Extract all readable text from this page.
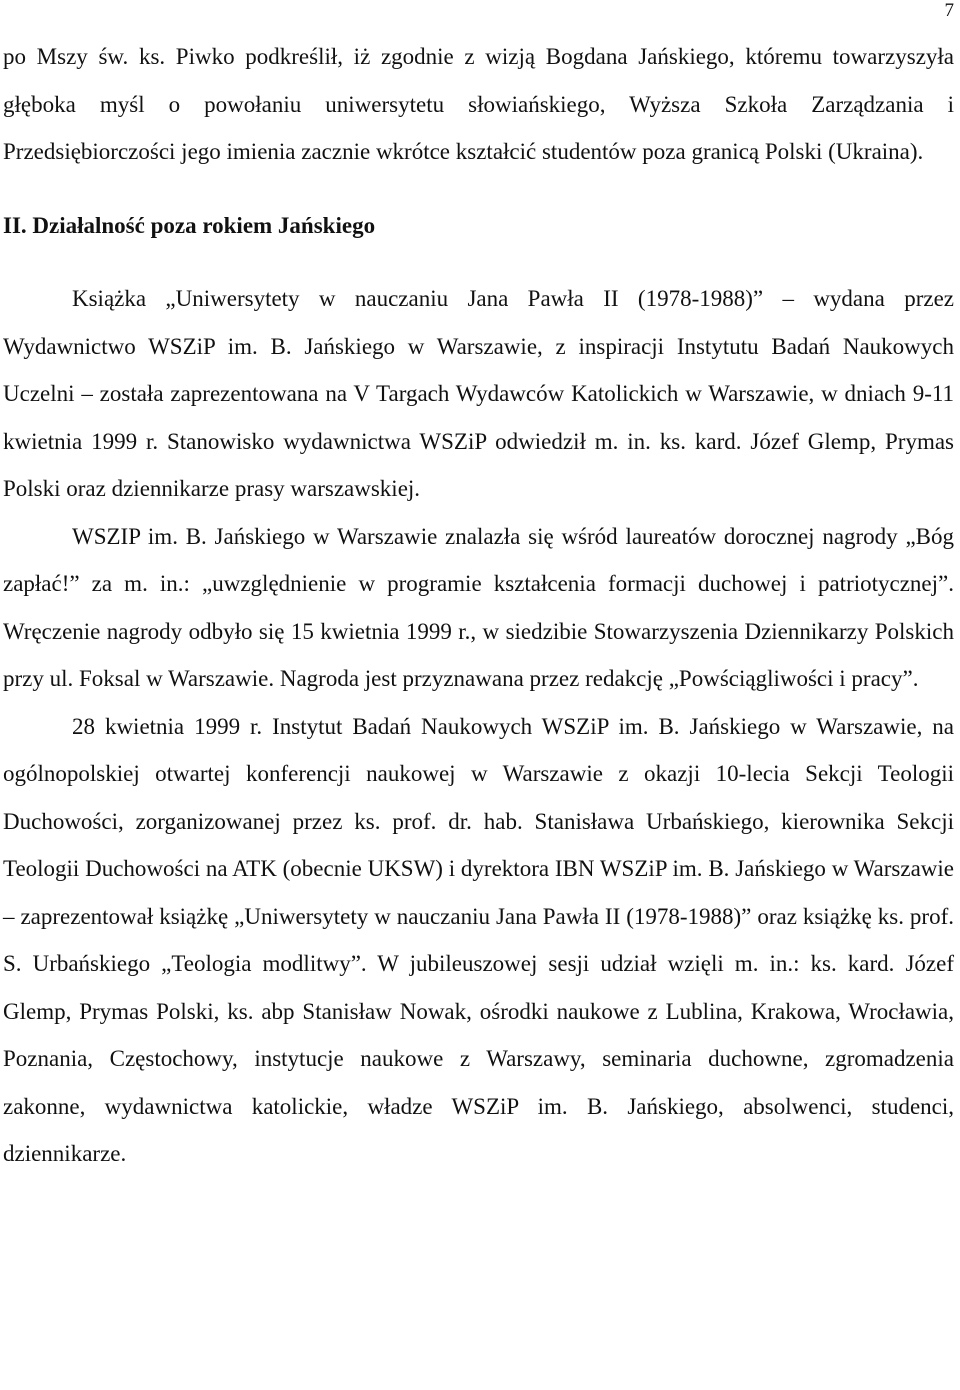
7

po Mszy św. ks. Piwko podkreślił, iż zgodnie z wizją Bogdana Jańskiego, któremu towarzyszyła głęboka myśl o powołaniu uniwersytetu słowiańskiego, Wyższa Szkoła Zarządzania i Przedsiębiorczości jego imienia zacznie wkrótce kształcić studentów poza granicą Polski (Ukraina).

II. Działalność poza rokiem Jańskiego

Książka „Uniwersytety w nauczaniu Jana Pawła II (1978-1988)” – wydana przez Wydawnictwo WSZiP im. B. Jańskiego w Warszawie, z inspiracji Instytutu Badań Naukowych Uczelni – została zaprezentowana na V Targach Wydawców Katolickich w Warszawie, w dniach 9-11 kwietnia 1999 r. Stanowisko wydawnictwa WSZiP odwiedził m. in. ks. kard. Józef Glemp, Prymas Polski oraz dziennikarze prasy warszawskiej.

WSZIP im. B. Jańskiego w Warszawie znalazła się wśród laureatów dorocznej nagrody „Bóg zapłać!” za m. in.: „uwzględnienie w programie kształcenia formacji duchowej i patriotycznej”. Wręczenie nagrody odbyło się 15 kwietnia 1999 r., w siedzibie Stowarzyszenia Dziennikarzy Polskich przy ul. Foksal w Warszawie. Nagroda jest przyznawana przez redakcję „Powściągliwości i pracy”.

28 kwietnia 1999 r. Instytut Badań Naukowych WSZiP im. B. Jańskiego w Warszawie, na ogólnopolskiej otwartej konferencji naukowej w Warszawie z okazji 10-lecia Sekcji Teologii Duchowości, zorganizowanej przez ks. prof. dr. hab. Stanisława Urbańskiego, kierownika Sekcji Teologii Duchowości na ATK (obecnie UKSW) i dyrektora IBN WSZiP im. B. Jańskiego w Warszawie – zaprezentował książkę „Uniwersytety w nauczaniu Jana Pawła II (1978-1988)” oraz książkę ks. prof. S. Urbańskiego „Teologia modlitwy”. W jubileuszowej sesji udział wzięli m. in.: ks. kard. Józef Glemp, Prymas Polski, ks. abp Stanisław Nowak, ośrodki naukowe z Lublina, Krakowa, Wrocławia, Poznania, Częstochowy, instytucje naukowe z Warszawy, seminaria duchowne, zgromadzenia zakonne, wydawnictwa katolickie, władze WSZiP im. B. Jańskiego, absolwenci, studenci, dziennikarze.
